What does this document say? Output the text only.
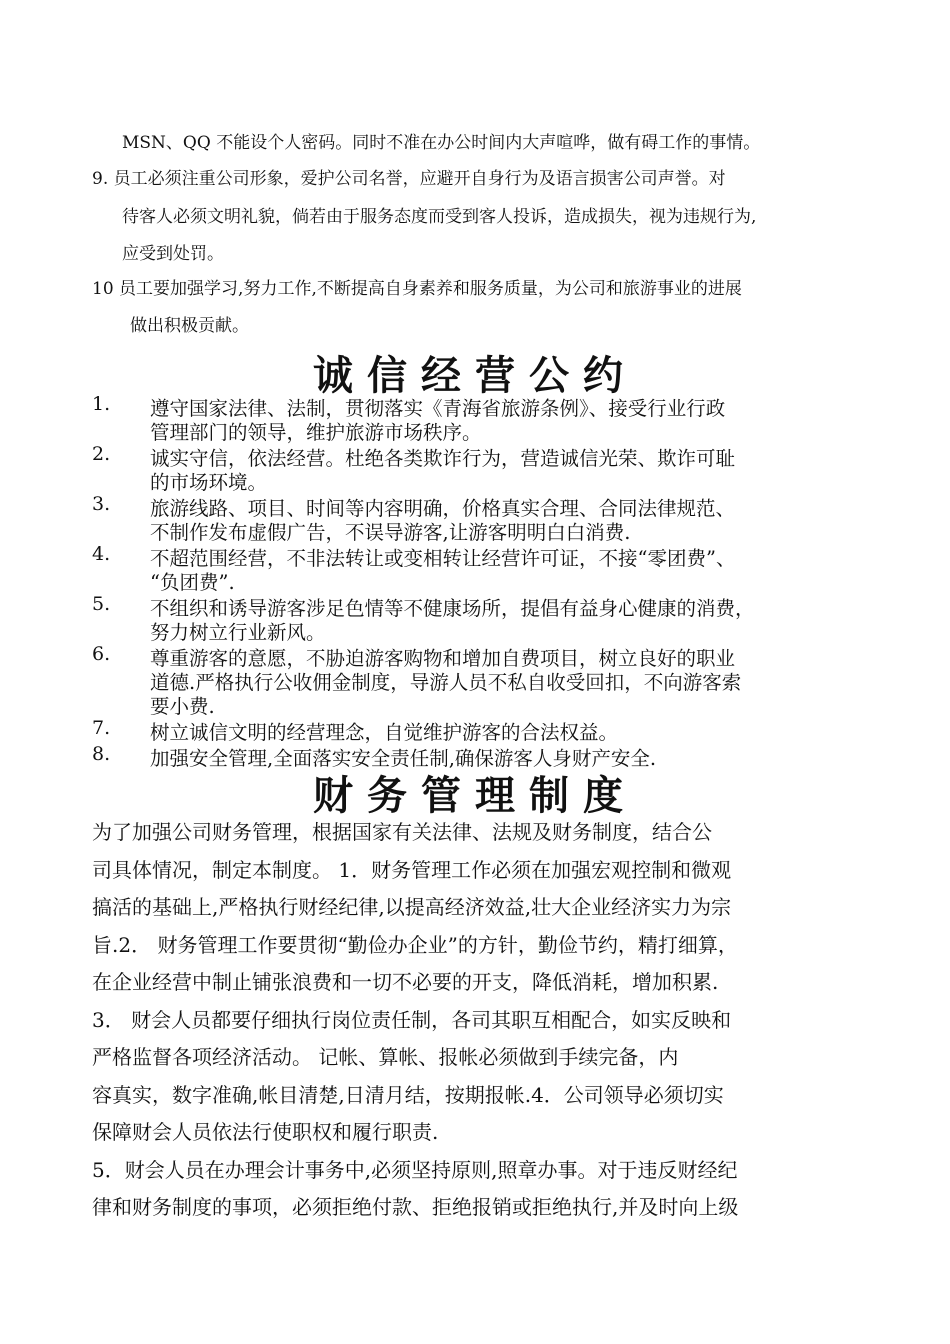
MSN、QQ 不能设个人密码。同时不准在办公时间内大声喧哗，做有碍工作的事情。
9. 员工必须注重公司形象，爱护公司名誉，应避开自身行为及语言损害公司声誉。对
待客人必须文明礼貌，倘若由于服务态度而受到客人投诉，造成损失，视为违规行为,
应受到处罚。
10 员工要加强学习,努力工作,不断提高自身素养和服务质量，为公司和旅游事业的进展
做出积极贡献。
诚信经营公约
1. 遵守国家法律、法制，贯彻落实《青海省旅游条例》、接受行业行政
管理部门的领导，维护旅游市场秩序。
2. 诚实守信，依法经营。杜绝各类欺诈行为，营造诚信光荣、欺诈可耻
的市场环境。
3. 旅游线路、项目、时间等内容明确，价格真实合理、合同法律规范、
不制作发布虚假广告，不误导游客,让游客明明白白消费.
4. 不超范围经营，不非法转让或变相转让经营许可证，不接“零团费”、
“负团费”.
5. 不组织和诱导游客涉足色情等不健康场所，提倡有益身心健康的消费，
努力树立行业新风。
6. 尊重游客的意愿，不胁迫游客购物和增加自费项目，树立良好的职业
道德.严格执行公收佣金制度，导游人员不私自收受回扣，不向游客索
要小费.
7. 树立诚信文明的经营理念，自觉维护游客的合法权益。
8. 加强安全管理,全面落实安全责任制,确保游客人身财产安全.
财务管理制度
为了加强公司财务管理，根据国家有关法律、法规及财务制度，结合公
司具体情况，制定本制度。 1．财务管理工作必须在加强宏观控制和微观
搞活的基础上,严格执行财经纪律,以提高经济效益,壮大企业经济实力为宗
旨.2． 财务管理工作要贯彻“勤俭办企业”的方针，勤俭节约，精打细算，
在企业经营中制止铺张浪费和一切不必要的开支，降低消耗，增加积累.
3． 财会人员都要仔细执行岗位责任制，各司其职互相配合，如实反映和
严格监督各项经济活动。 记帐、算帐、报帐必须做到手续完备，内
容真实，数字准确,帐目清楚,日清月结，按期报帐.4．公司领导必须切实
保障财会人员依法行使职权和履行职责.
5．财会人员在办理会计事务中,必须坚持原则,照章办事。对于违反财经纪
律和财务制度的事项，必须拒绝付款、拒绝报销或拒绝执行,并及时向上级
